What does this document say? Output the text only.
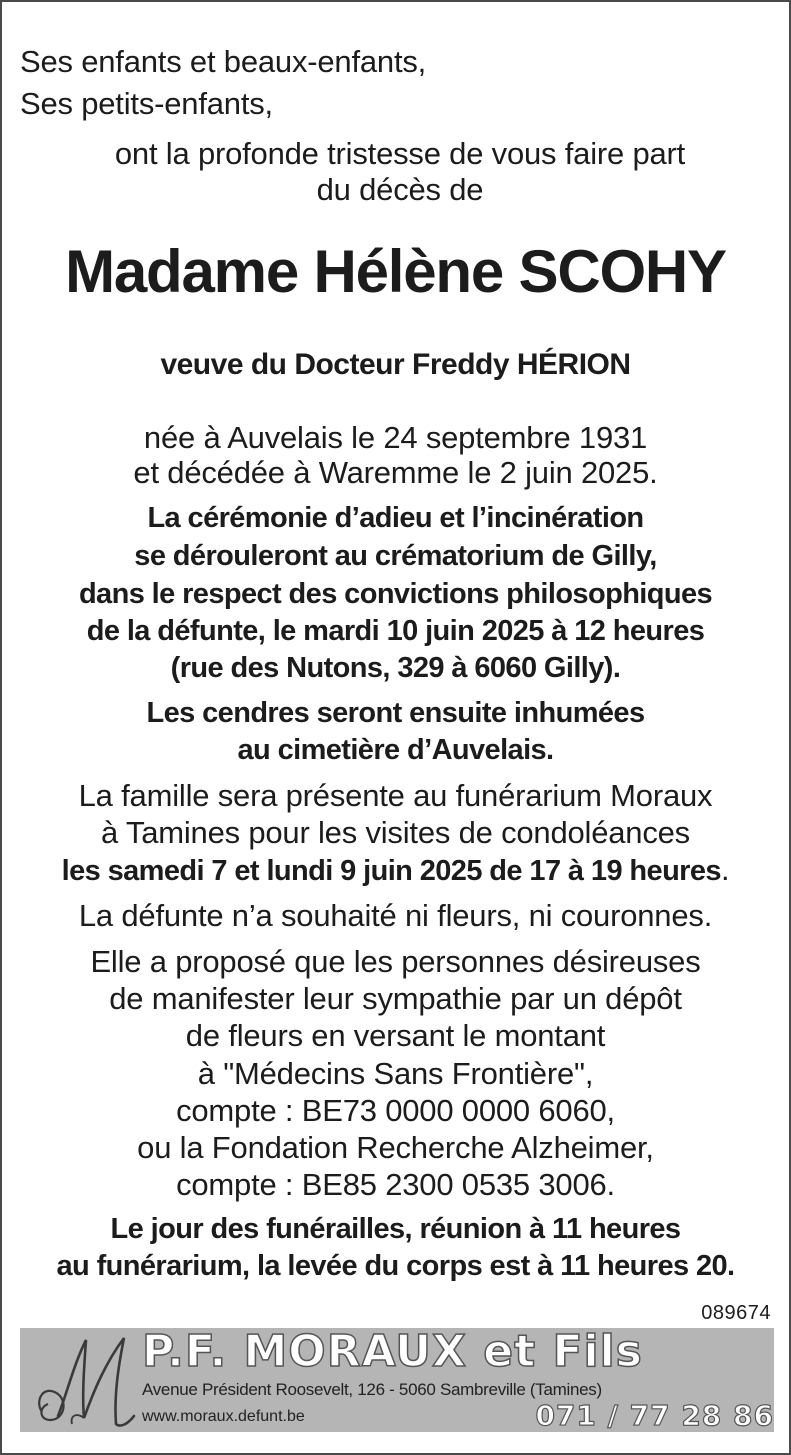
Ses enfants et beaux-enfants,
Ses petits-enfants,
ont la profonde tristesse de vous faire part
du décès de
Madame Hélène SCOHY
veuve du Docteur Freddy HÉRION
née à Auvelais le 24 septembre 1931
et décédée à Waremme le 2 juin 2025.
La cérémonie d’adieu et l’incinération
se dérouleront au crématorium de Gilly,
dans le respect des convictions philosophiques
de la défunte, le mardi 10 juin 2025 à 12 heures
(rue des Nutons, 329 à 6060 Gilly).
Les cendres seront ensuite inhumées
au cimetière d’Auvelais.
La famille sera présente au funérarium Moraux
à Tamines pour les visites de condoléances
les samedi 7 et lundi 9 juin 2025 de 17 à 19 heures.
La défunte n’a souhaité ni fleurs, ni couronnes.
Elle a proposé que les personnes désireuses
de manifester leur sympathie par un dépôt
de fleurs en versant le montant
à "Médecins Sans Frontière",
compte : BE73 0000 0000 6060,
ou la Fondation Recherche Alzheimer,
compte : BE85 2300 0535 3006.
Le jour des funérailles, réunion à 11 heures
au funérarium, la levée du corps est à 11 heures 20.
089674
P.F. MORAUX et Fils
Avenue Président Roosevelt, 126 - 5060 Sambreville (Tamines)
www.moraux.defunt.be	071 / 77 28 86
